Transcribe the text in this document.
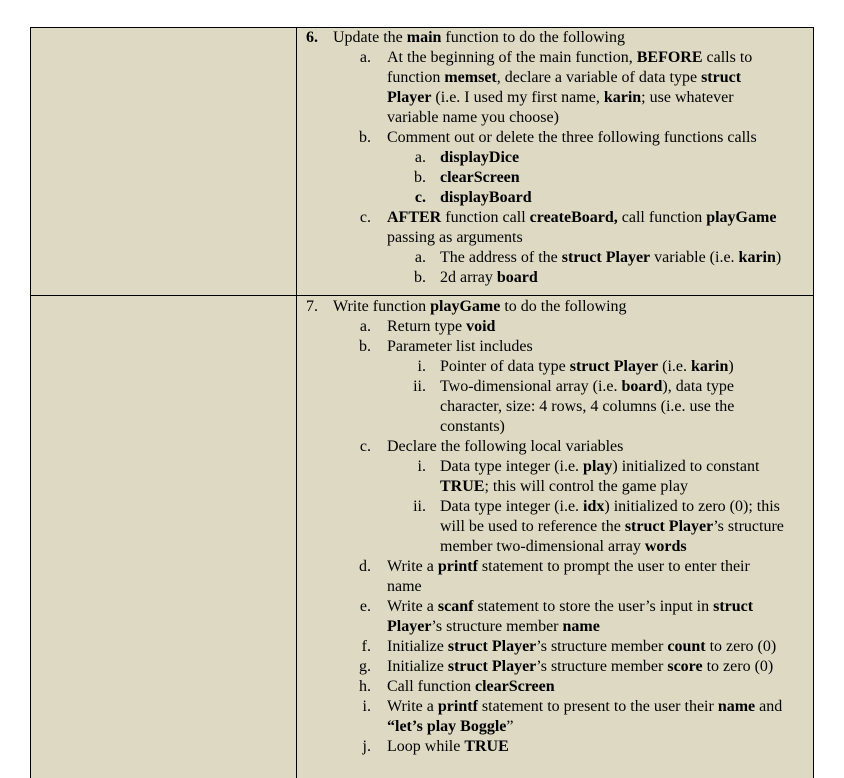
6. Update the main function to do the following
a. At the beginning of the main function, BEFORE calls to
function memset, declare a variable of data type struct
Player (i.e. I used my first name, karin; use whatever
variable name you choose)
b. Comment out or delete the three following functions calls
a. displayDice
b. clearScreen
c. displayBoard
c. AFTER function call createBoard, call function playGame
passing as arguments
a. The address of the struct Player variable (i.e. karin)
b. 2d array board
7. Write function playGame to do the following
a. Return type void
b. Parameter list includes
i. Pointer of data type struct Player (i.e. karin)
ii. Two-dimensional array (i.e. board), data type
character, size: 4 rows, 4 columns (i.e. use the
constants)
c. Declare the following local variables
i. Data type integer (i.e. play) initialized to constant
TRUE; this will control the game play
ii. Data type integer (i.e. idx) initialized to zero (0); this
will be used to reference the struct Player’s structure
member two-dimensional array words
d. Write a printf statement to prompt the user to enter their
name
e. Write a scanf statement to store the user’s input in struct
Player’s structure member name
f. Initialize struct Player’s structure member count to zero (0)
g. Initialize struct Player’s structure member score to zero (0)
h. Call function clearScreen
i. Write a printf statement to present to the user their name and
“let’s play Boggle”
j. Loop while TRUE
